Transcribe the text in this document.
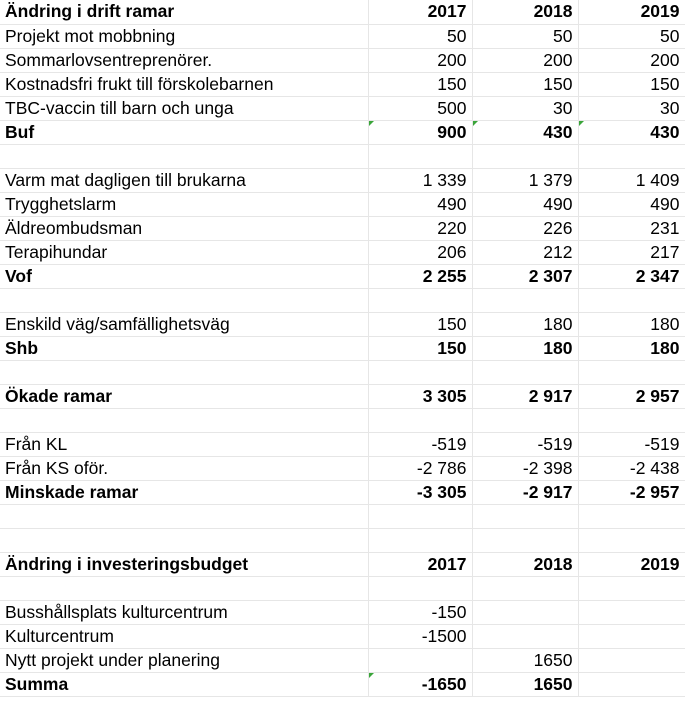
Ändring i drift ramar	2017	2018	2019
Projekt mot mobbning	50	50	50
Sommarlovsentreprenörer.	200	200	200
Kostnadsfri frukt till förskolebarnen	150	150	150
TBC-vaccin till barn och unga	500	30	30
Buf	900	430	430

Varm mat dagligen till brukarna	1 339	1 379	1 409
Trygghetslarm	490	490	490
Äldreombudsman	220	226	231
Terapihundar	206	212	217
Vof	2 255	2 307	2 347

Enskild väg/samfällighetsväg	150	180	180
Shb	150	180	180

Ökade ramar	3 305	2 917	2 957

Från KL	-519	-519	-519
Från KS oför.	-2 786	-2 398	-2 438
Minskade ramar	-3 305	-2 917	-2 957

Ändring i investeringsbudget	2017	2018	2019

Busshållsplats kulturcentrum	-150		
Kulturcentrum	-1500		
Nytt projekt under planering		1650	
Summa	-1650	1650	
